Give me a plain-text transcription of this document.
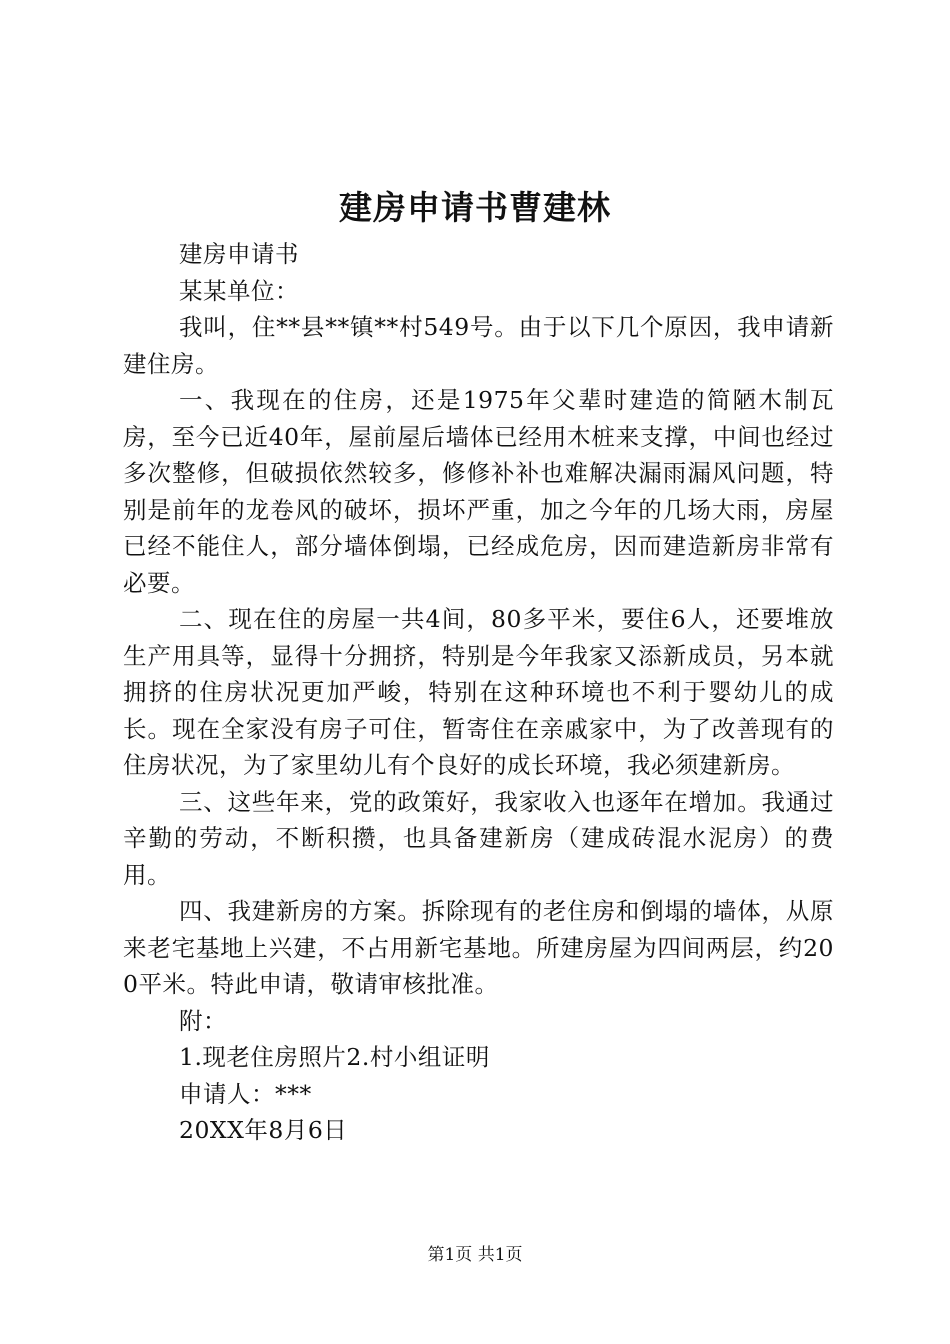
建房申请书曹建林

建房申请书

某某单位：

我叫，住**县**镇**村549号。由于以下几个原因，我申请新建住房。

一、我现在的住房，还是1975年父辈时建造的简陋木制瓦房，至今已近40年，屋前屋后墙体已经用木桩来支撑，中间也经过多次整修，但破损依然较多，修修补补也难解决漏雨漏风问题，特别是前年的龙卷风的破坏，损坏严重，加之今年的几场大雨，房屋已经不能住人，部分墙体倒塌，已经成危房，因而建造新房非常有必要。

二、现在住的房屋一共4间，80多平米，要住6人，还要堆放生产用具等，显得十分拥挤，特别是今年我家又添新成员，另本就拥挤的住房状况更加严峻，特别在这种环境也不利于婴幼儿的成长。现在全家没有房子可住，暂寄住在亲戚家中，为了改善现有的住房状况，为了家里幼儿有个良好的成长环境，我必须建新房。

三、这些年来，党的政策好，我家收入也逐年在增加。我通过辛勤的劳动，不断积攒，也具备建新房（建成砖混水泥房）的费用。

四、我建新房的方案。拆除现有的老住房和倒塌的墙体，从原来老宅基地上兴建，不占用新宅基地。所建房屋为四间两层，约200平米。特此申请，敬请审核批准。

附：

1.现老住房照片2.村小组证明

申请人：***

20XX年8月6日

第1页 共1页
